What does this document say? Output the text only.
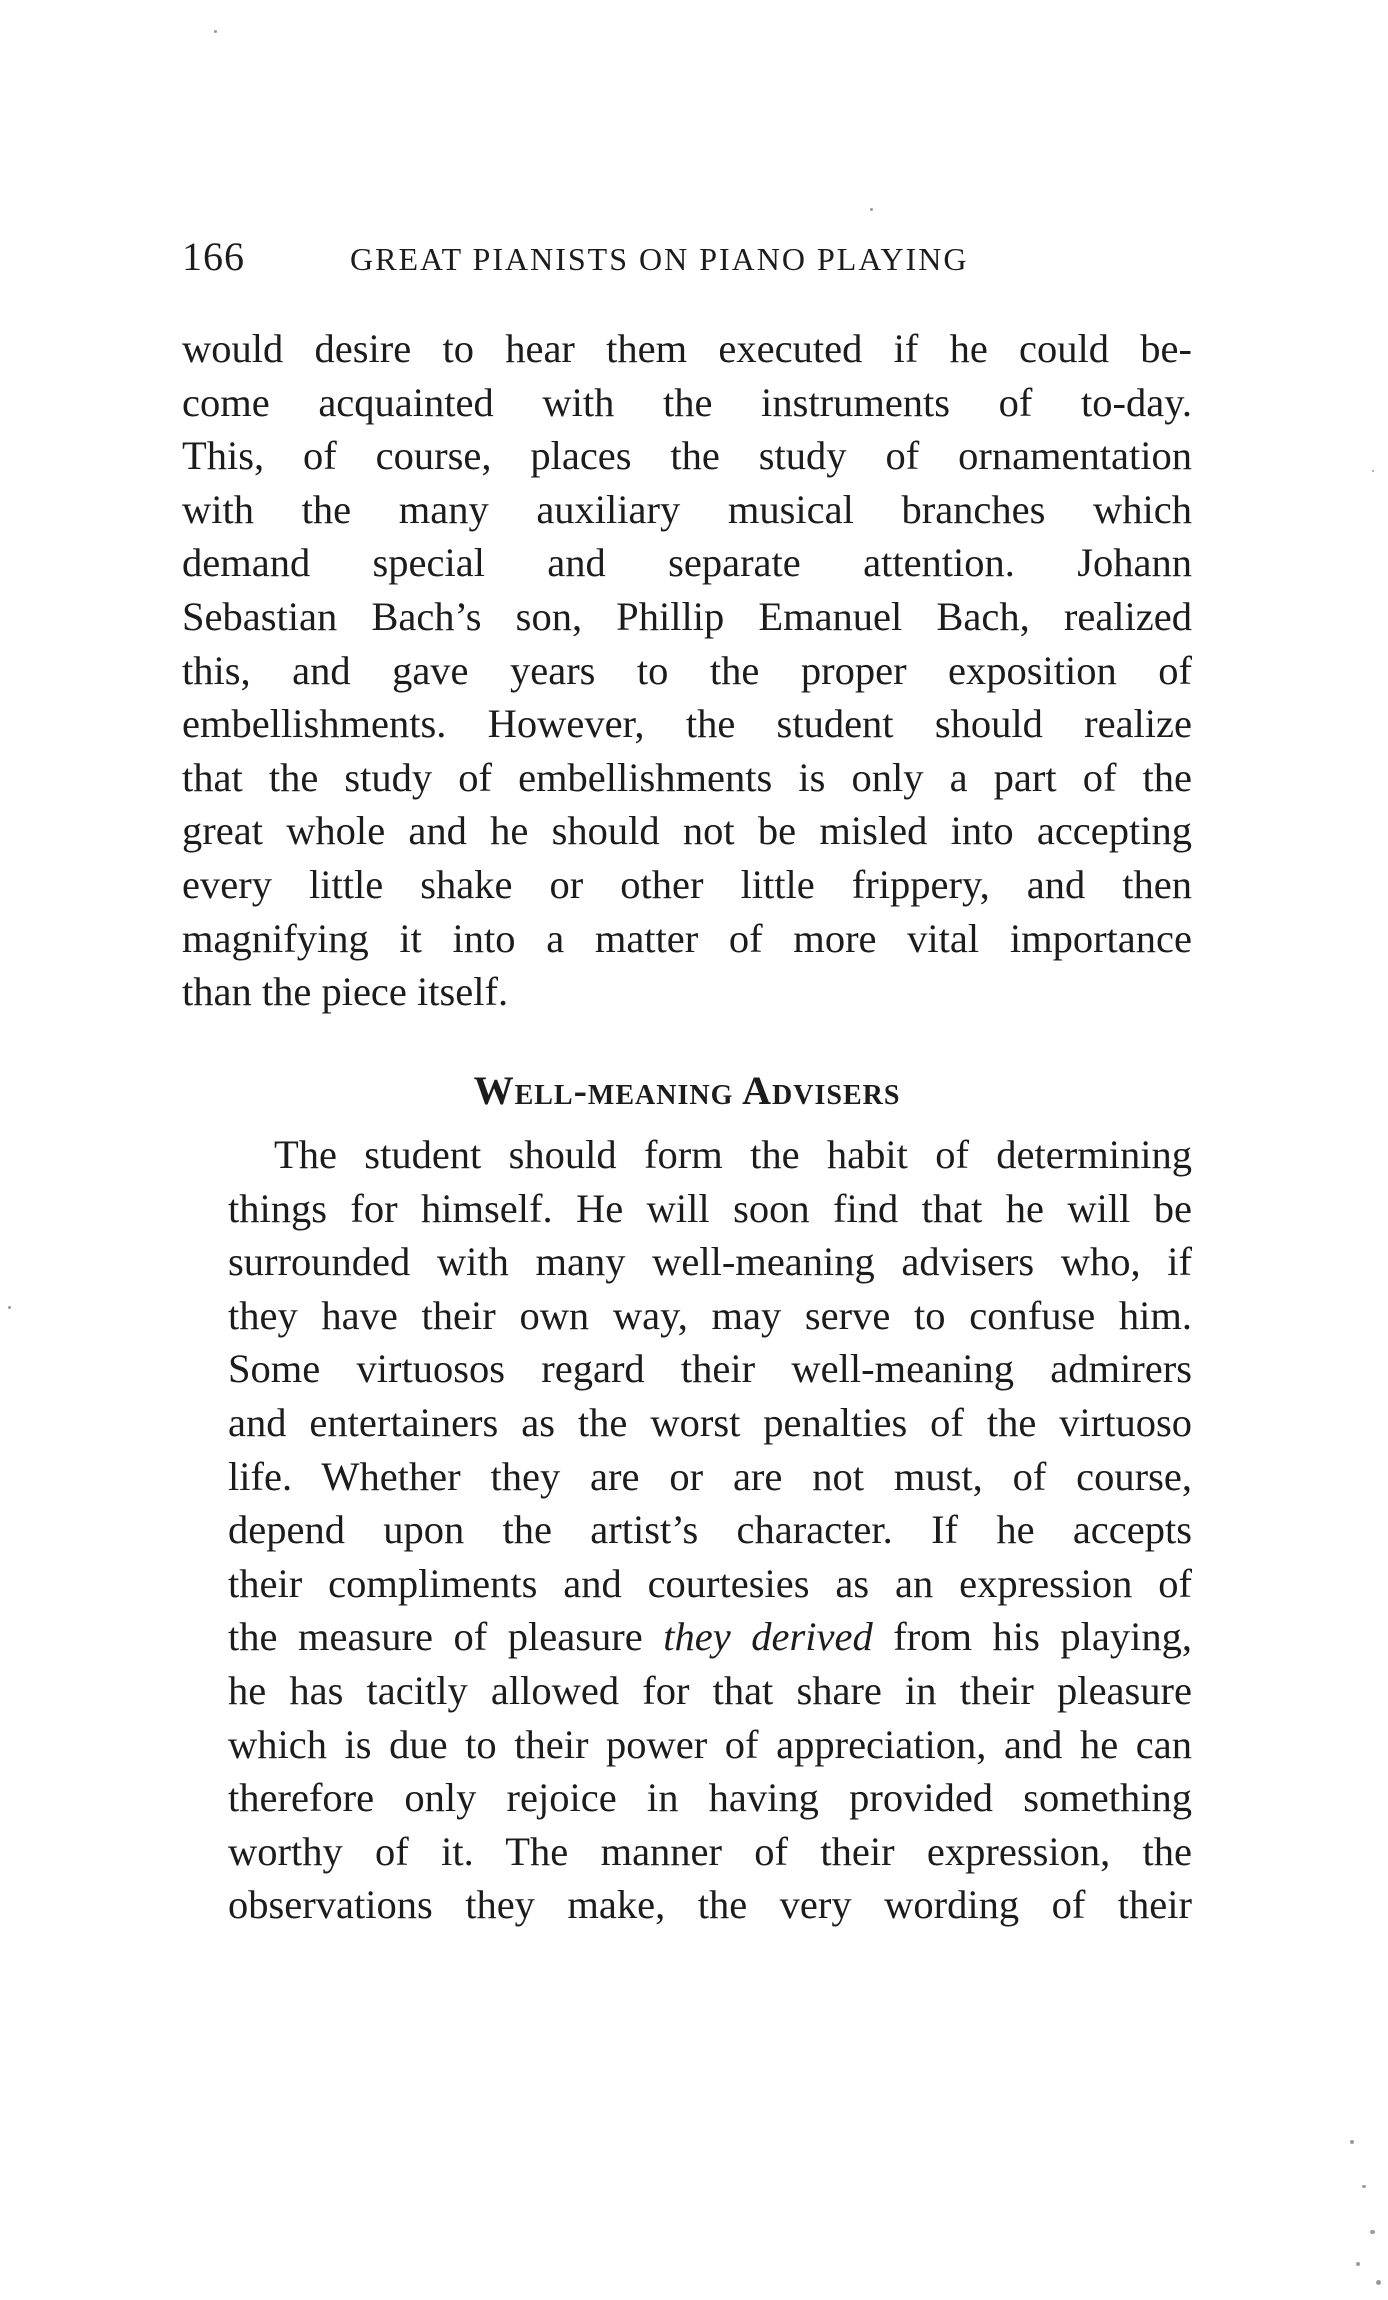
166	GREAT PIANISTS ON PIANO PLAYING

would desire to hear them executed if he could be-
come acquainted with the instruments of to-day.
This, of course, places the study of ornamentation
with the many auxiliary musical branches which
demand special and separate attention. Johann
Sebastian Bach’s son, Phillip Emanuel Bach, realized
this, and gave years to the proper exposition of
embellishments. However, the student should realize
that the study of embellishments is only a part of the
great whole and he should not be misled into accepting
every little shake or other little frippery, and then
magnifying it into a matter of more vital importance
than the piece itself.

Well-meaning Advisers

The student should form the habit of determining
things for himself. He will soon find that he will be
surrounded with many well-meaning advisers who, if
they have their own way, may serve to confuse him.
Some virtuosos regard their well-meaning admirers
and entertainers as the worst penalties of the virtuoso
life. Whether they are or are not must, of course,
depend upon the artist’s character. If he accepts
their compliments and courtesies as an expression of
the measure of pleasure they derived from his playing,
he has tacitly allowed for that share in their pleasure
which is due to their power of appreciation, and he can
therefore only rejoice in having provided something
worthy of it. The manner of their expression, the
observations they make, the very wording of their
